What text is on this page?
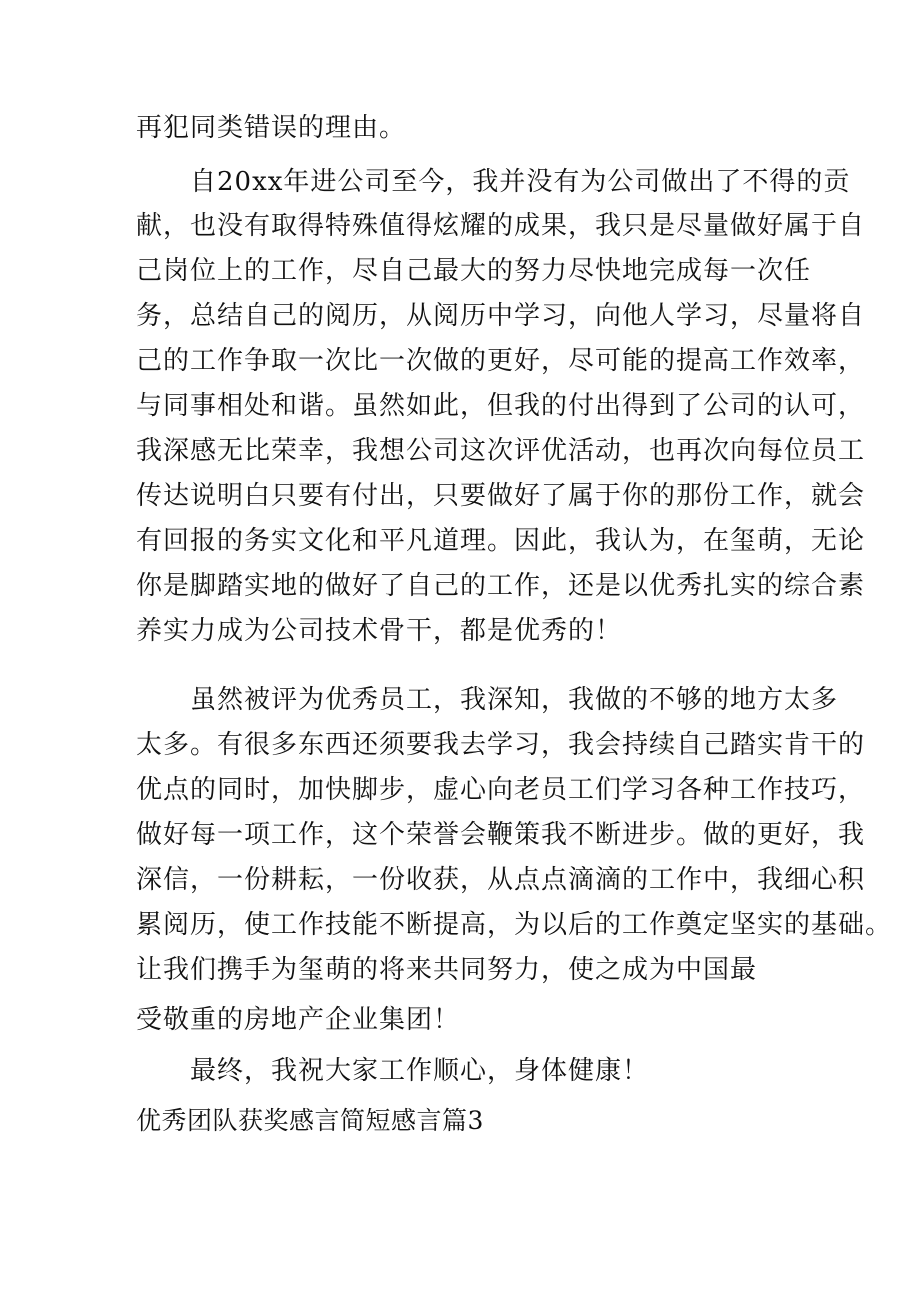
再犯同类错误的理由。
自20xx年进公司至今，我并没有为公司做出了不得的贡
献，也没有取得特殊值得炫耀的成果，我只是尽量做好属于自
己岗位上的工作，尽自己最大的努力尽快地完成每一次任
务，总结自己的阅历，从阅历中学习，向他人学习，尽量将自
己的工作争取一次比一次做的更好，尽可能的提高工作效率，
与同事相处和谐。虽然如此，但我的付出得到了公司的认可，
我深感无比荣幸，我想公司这次评优活动，也再次向每位员工
传达说明白只要有付出，只要做好了属于你的那份工作，就会
有回报的务实文化和平凡道理。因此，我认为，在玺萌，无论
你是脚踏实地的做好了自己的工作，还是以优秀扎实的综合素
养实力成为公司技术骨干，都是优秀的！
虽然被评为优秀员工，我深知，我做的不够的地方太多
太多。有很多东西还须要我去学习，我会持续自己踏实肯干的
优点的同时，加快脚步，虚心向老员工们学习各种工作技巧，
做好每一项工作，这个荣誉会鞭策我不断进步。做的更好，我
深信，一份耕耘，一份收获，从点点滴滴的工作中，我细心积
累阅历，使工作技能不断提高，为以后的工作奠定坚实的基础。
让我们携手为玺萌的将来共同努力，使之成为中国最
受敬重的房地产企业集团！
最终，我祝大家工作顺心，身体健康！
优秀团队获奖感言简短感言篇3
